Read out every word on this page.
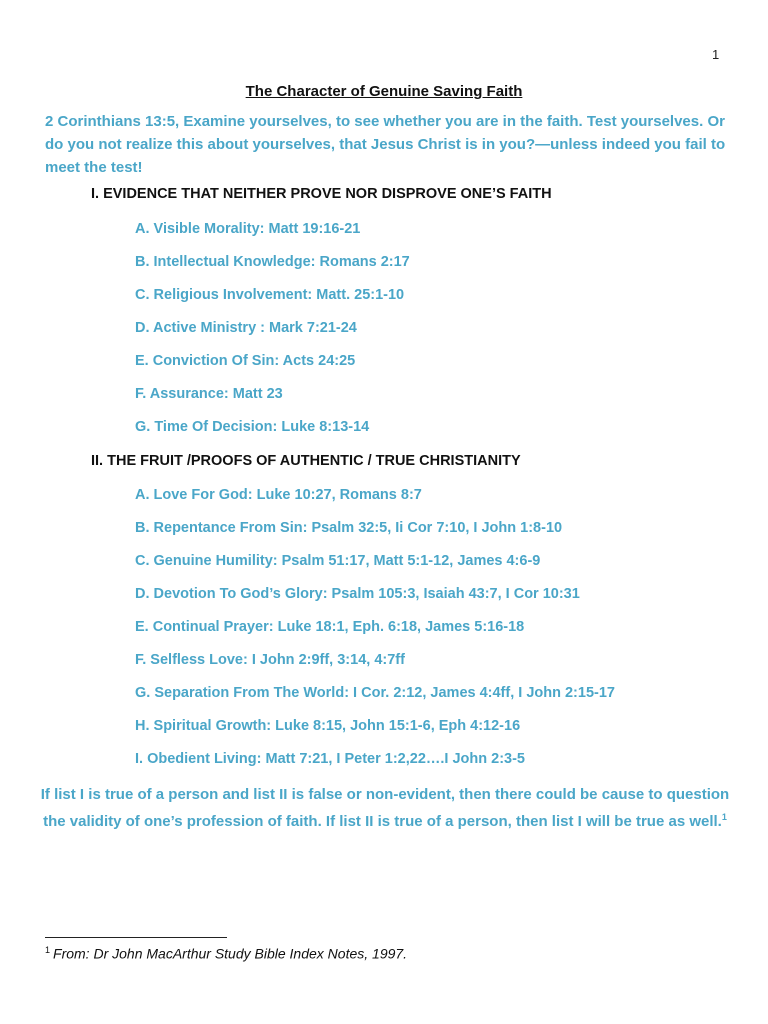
1
The Character of Genuine Saving Faith
2 Corinthians 13:5, Examine yourselves, to see whether you are in the faith. Test yourselves. Or do you not realize this about yourselves, that Jesus Christ is in you?—unless indeed you fail to meet the test!
I. EVIDENCE THAT NEITHER PROVE NOR DISPROVE ONE’S FAITH
A. Visible Morality: Matt 19:16-21
B. Intellectual Knowledge: Romans 2:17
C. Religious Involvement: Matt. 25:1-10
D. Active Ministry : Mark 7:21-24
E. Conviction Of Sin: Acts 24:25
F. Assurance: Matt 23
G. Time Of Decision: Luke 8:13-14
II. THE FRUIT /PROOFS OF AUTHENTIC / TRUE CHRISTIANITY
A. Love For God: Luke 10:27, Romans 8:7
B. Repentance From Sin: Psalm 32:5, Ii Cor 7:10, I John 1:8-10
C. Genuine Humility: Psalm 51:17, Matt 5:1-12, James 4:6-9
D. Devotion To God’s Glory: Psalm 105:3, Isaiah 43:7, I Cor 10:31
E. Continual Prayer: Luke 18:1, Eph. 6:18, James 5:16-18
F. Selfless Love: I John 2:9ff, 3:14, 4:7ff
G. Separation From The World: I Cor. 2:12, James 4:4ff, I John 2:15-17
H. Spiritual Growth: Luke 8:15, John 15:1-6, Eph 4:12-16
I. Obedient Living: Matt 7:21, I Peter 1:2,22….I John 2:3-5
If list I is true of a person and list II is false or non-evident, then there could be cause to question the validity of one’s profession of faith. If list II is true of a person, then list I will be true as well.$^1$
$^1$ From: Dr John MacArthur Study Bible Index Notes, 1997.
